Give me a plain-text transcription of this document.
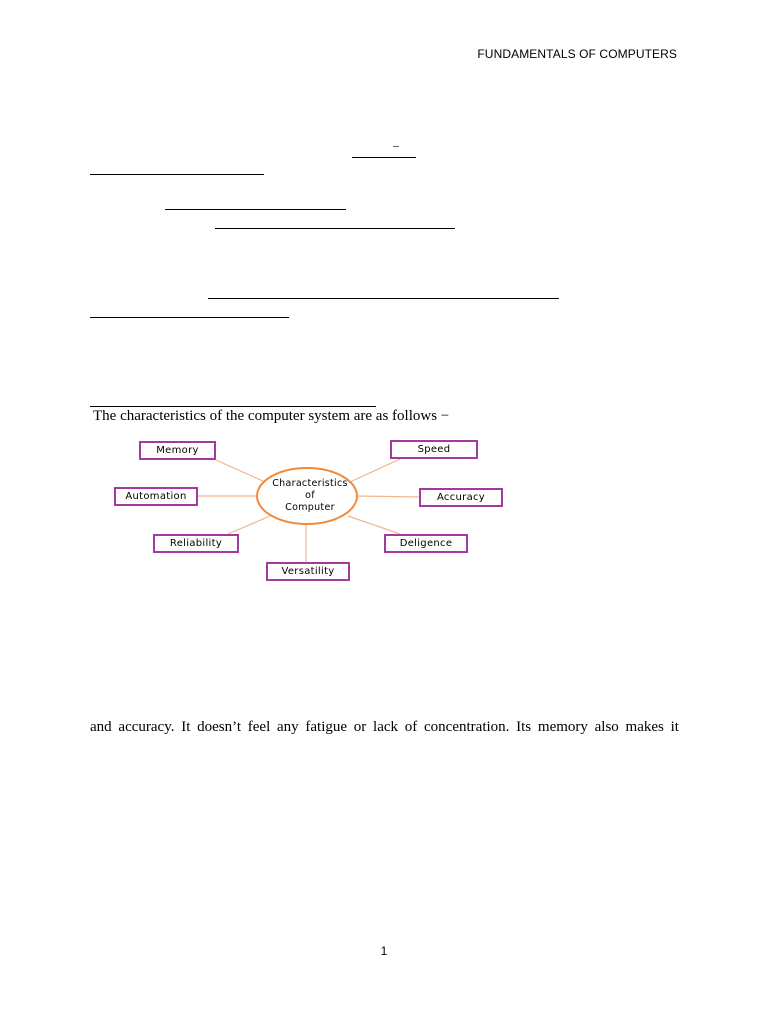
FUNDAMENTALS OF COMPUTERS
–
The characteristics of the computer system are as follows −
Characteristics
of
Computer
Memory	Speed
Automation	Accuracy
Reliability	Deligence
Versatility
and accuracy. It doesn’t feel any fatigue or lack of concentration. Its memory also makes it
1
